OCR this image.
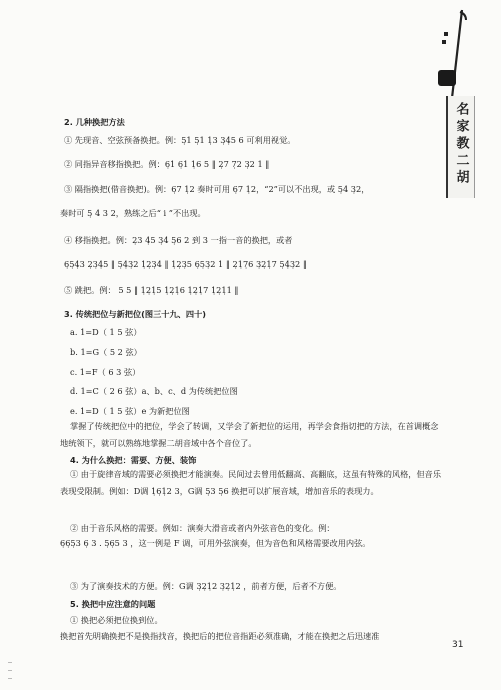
名家教二胡
2. 几种换把方法
① 先现音、空弦预备换把。例：5̣1 5̣1 1̣3 3̣4̣5 6 可利用视觉。
② 同指异音移指换把。例：6̣1 6̣1 1̣6 5 ‖ 2̣7 7̣2 3̣2 1 ‖
③ 隔指换把(借音换把)。例：6̣7 1̣2 奏时可用 6̣7 1̣2，“2”可以不出现，或 5̣4 3̣2，
奏时可 5̣ 4 3 2，熟练之后“ i ”不出现。
④ 移指换把。例：2̣3 4̣5 3̣4 5̣6 2 到 3 一指一音的换把，或者
6̣5̣4̣3 2̣3̣4̣5 ‖ 5̣4̣3̣2 1̣2̣3̣4 ‖ 1̣2̣3̣5 6̣5̣3̣2 1 ‖ 2̣1̣7̣6 3̣2̣1̣7 5̣4̣3̣2 ‖
⑤ 跳把。例： 5 5 ‖ 1̣2̣1̣5 1̣2̣1̣6 1̣2̣1̣7 1̣2̣1̣1 ‖
3. 传统把位与新把位(图三十九、四十)
a. 1=D（ 1 5 弦）
b. 1=G（ 5 2 弦）
c. 1=F（ 6 3 弦）
d. 1=C（ 2 6 弦）a、b、c、d 为传统把位图
e. 1=D（ 1 5 弦）e 为新把位图
掌握了传统把位中的把位，学会了转调，又学会了新把位的运用，再学会食指切把的方法，在首调概念地统领下，就可以熟练地掌握二胡音域中各个音位了。
4. 为什么换把：需要、方便、装饰
① 由于旋律音域的需要必须换把才能演奏。民间过去曾用低翻高、高翻底，这虽有特殊的风格，但音乐表现受限制。例如：D调 1̣6̣1̣2 3，G调 5̣3 5̣6 换把可以扩展音域，增加音乐的表现力。
② 由于音乐风格的需要。例如：演奏大滑音或者内外弦音色的变化。例：
6̣6̣5̣3 6̣ 3 . 5̣6̣5 3 ，这一例是 F 调，可用外弦演奏，但为音色和风格需要改用内弦。
③ 为了演奏技术的方便。例：G调 3̣2̣1̣2 3̣2̣1̣2 ，前者方便，后者不方便。
5. 换把中应注意的问题
① 换把必须把位换到位。
换把首先明确换把不是换指找音，换把后的把位音指距必须准确，才能在换把之后迅速准
31
